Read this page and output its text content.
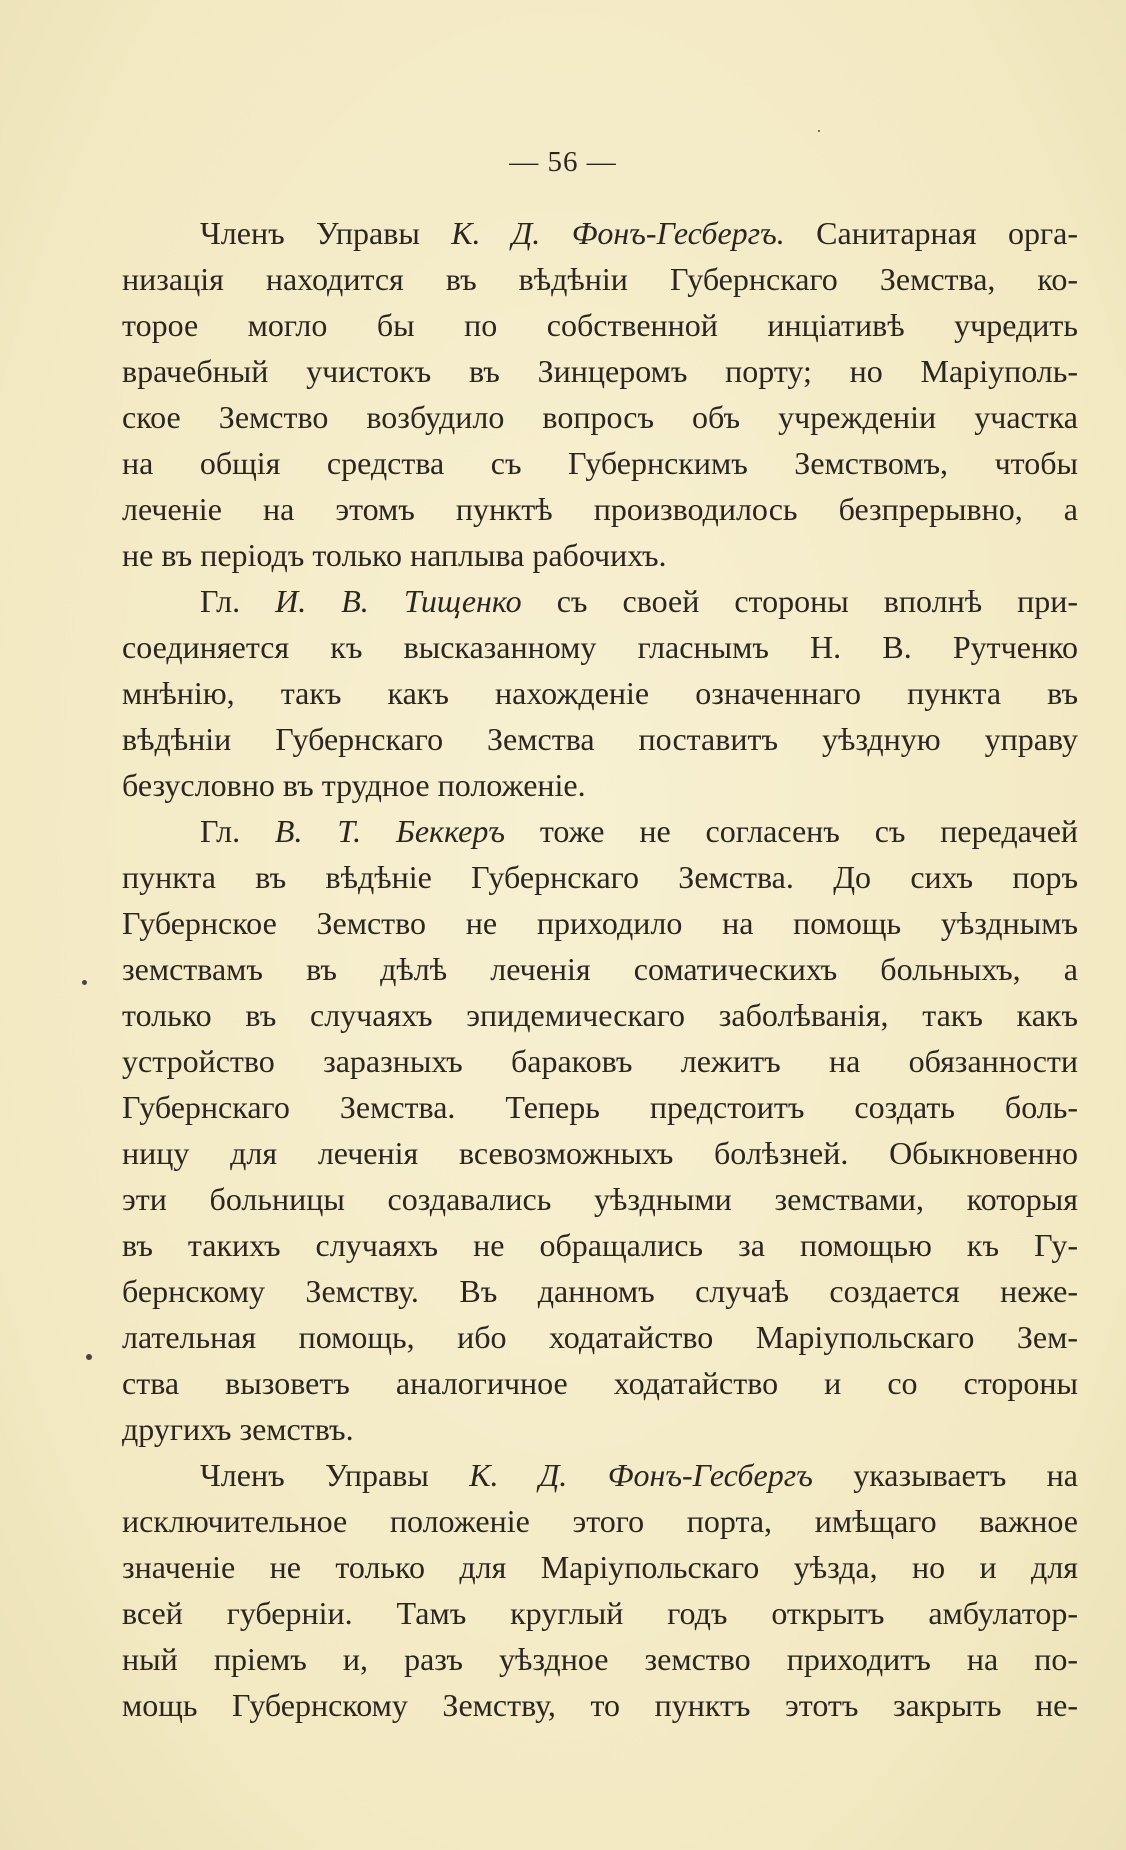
— 56 —
Членъ Управы К. Д. Фонъ-Гесбергъ. Санитарная орга-
низація находится въ вѣдѣніи Губернскаго Земства, ко-
торое могло бы по собственной инціативѣ учредить
врачебный учистокъ въ Зинцеромъ порту; но Маріуполь-
ское Земство возбудило вопросъ объ учрежденіи участка
на общія средства съ Губернскимъ Земствомъ, чтобы
леченіе на этомъ пунктѣ производилось безпрерывно, а
не въ періодъ только наплыва рабочихъ.
Гл. И. В. Тищенко съ своей стороны вполнѣ при-
соединяется къ высказанному гласнымъ Н. В. Рутченко
мнѣнію, такъ какъ нахожденіе означеннаго пункта въ
вѣдѣніи Губернскаго Земства поставитъ уѣздную управу
безусловно въ трудное положеніе.
Гл. В. Т. Беккеръ тоже не согласенъ съ передачей
пункта въ вѣдѣніе Губернскаго Земства. До сихъ поръ
Губернское Земство не приходило на помощь уѣзднымъ
земствамъ въ дѣлѣ леченія соматическихъ больныхъ, а
только въ случаяхъ эпидемическаго заболѣванія, такъ какъ
устройство заразныхъ бараковъ лежитъ на обязанности
Губернскаго Земства. Теперь предстоитъ создать боль-
ницу для леченія всевозможныхъ болѣзней. Обыкновенно
эти больницы создавались уѣздными земствами, которыя
въ такихъ случаяхъ не обращались за помощью къ Гу-
бернскому Земству. Въ данномъ случаѣ создается неже-
лательная помощь, ибо ходатайство Маріупольскаго Зем-
ства вызоветъ аналогичное ходатайство и со стороны
другихъ земствъ.
Членъ Управы К. Д. Фонъ-Гесбергъ указываетъ на
исключительное положеніе этого порта, имѣщаго важное
значеніе не только для Маріупольскаго уѣзда, но и для
всей губерніи. Тамъ круглый годъ открытъ амбулатор-
ный пріемъ и, разъ уѣздное земство приходитъ на по-
мощь Губернскому Земству, то пунктъ этотъ закрыть не-
